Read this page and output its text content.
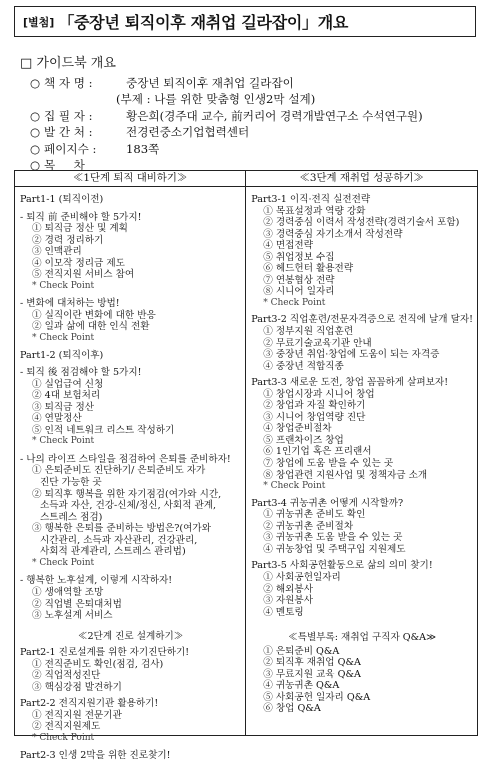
[별첨] 「중장년 퇴직이후 재취업 길라잡이」개요
□ 가이드북 개요
○ 책 자 명 :	중장년 퇴직이후 재취업 길라잡이
(부제 : 나를 위한 맞춤형 인생2막 설계)
○ 집 필 자 :	황은희(경주대 교수, 前커리어 경력개발연구소 수석연구원)
○ 발 간 처 :	전경련중소기업협력센터
○ 페이지수 :	183쪽
○ 목     차
≪1단계 퇴직 대비하기≫
Part1-1 (퇴직이전)
- 퇴직 前 준비해야 할 5가지!
① 퇴직금 정산 및 계획
② 경력 정리하기
③ 인맥관리
④ 이모작 정리금 제도
⑤ 전직지원 서비스 참여
* Check Point
- 변화에 대처하는 방법!
① 실직이란 변화에 대한 반응
② 일과 삶에 대한 인식 전환
* Check Point
Part1-2 (퇴직이후)
- 퇴직 後 점검해야 할 5가지!
① 실업급여 신청
② 4대 보험처리
③ 퇴직금 정산
④ 연말정산
⑤ 인적 네트워크 리스트 작성하기
* Check Point
- 나의 라이프 스타일을 점검하여 은퇴를 준비하자!
① 은퇴준비도 진단하기/ 은퇴준비도 자가
진단 가능한 곳
② 퇴직후 행복을 위한 자기점검(여가와 시간,
소득과 자산, 건강-신체/정신, 사회적 관계,
스트레스 점검)
③ 행복한 은퇴를 준비하는 방법은?(여가와
시간관리, 소득과 자산관리, 건강관리,
사회적 관계관리, 스트레스 관리법)
* Check Point
- 행복한 노후설계, 이렇게 시작하자!
① 생애역할 조망
② 직업별 은퇴대처법
③ 노후설계 서비스
≪2단계 진로 설계하기≫
Part2-1 진로설계를 위한 자기진단하기!
① 전직준비도 확인(점검, 검사)
② 직업적성진단
③ 핵심강점 발견하기
Part2-2 전직지원기관 활용하기!
① 전직지원 전문기관
② 전직지원제도
* Check Point
Part2-3 인생 2막을 위한 진로찾기!
≪3단계 재취업 성공하기≫
Part3-1 이직·전직 실전전략
① 목표설정과 역량 강화
② 경력중심 이력서 작성전략(경력기술서 포함)
③ 경력중심 자기소개서 작성전략
④ 면접전략
⑤ 취업정보 수집
⑥ 헤드헌터 활용전략
⑦ 연봉협상 전략
⑧ 시니어 일자리
* Check Point
Part3-2 직업훈련/전문자격증으로 전직에 날개 달자!
① 정부지원 직업훈련
② 무료기술교육기관 안내
③ 중장년 취업·창업에 도움이 되는 자격증
④ 중장년 적합직종
Part3-3 새로운 도전, 창업 꼼꼼하게 살펴보자!
① 창업시장과 시니어 창업
② 창업과 자질 확인하기
③ 시니어 창업역량 진단
④ 창업준비절차
⑤ 프랜차이즈 창업
⑥ 1인기업 혹은 프리랜서
⑦ 창업에 도움 받을 수 있는 곳
⑧ 창업관련 지원사업 및 정책자금 소개
* Check Point
Part3-4 귀농귀촌 어떻게 시작할까?
① 귀농귀촌 준비도 확인
② 귀농귀촌 준비절차
③ 귀농귀촌 도움 받을 수 있는 곳
④ 귀농창업 및 주택구입 지원제도
Part3-5 사회공헌활동으로 삶의 의미 찾기!
① 사회공헌일자리
② 해외봉사
③ 자원봉사
④ 멘토링
≪특별부록: 재취업 구직자 Q&A≫
① 은퇴준비 Q&A
② 퇴직후 재취업 Q&A
③ 무료지원 교육 Q&A
④ 귀농귀촌 Q&A
⑤ 사회공헌 일자리 Q&A
⑥ 창업 Q&A
